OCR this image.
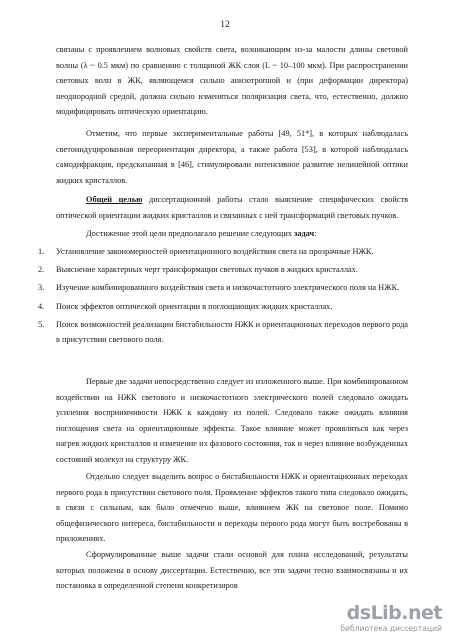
12

связаны с проявлением волновых свойств света, возникающим из-за малости длины световой волны (λ ~ 0.5 мкм) по сравнению с толщиной ЖК слоя (L ~ 10–100 мкм). При распространении световых волн в ЖК, являющемся сильно анизотропной и (при деформации директора) неоднородной средой, должна сильно изменяться поляризация света, что, естественно, должно модифицировать оптическую ориентацию.

Отметим, что первые экспериментальные работы [49, 51*], в которых наблюдалась светоиндуцированная переориентация директора, а также работа [53], в которой наблюдалась самодифракция, предсказанная в [46], стимулировали интенсивное развитие нелинейной оптики жидких кристаллов.

Общей целью диссертационной работы стало выяснение специфических свойств оптической ориентации жидких кристаллов и связанных с ней трансформаций световых пучков.

Достижение этой цели предполагало решение следующих задач:

1. Установление закономерностей ориентационного воздействия света на прозрачные НЖК.
2. Выяснение характерных черт трансформации световых пучков в жидких кристаллах.
3. Изучение комбинированного воздействия света и низкочастотного электрического поля на НЖК.
4. Поиск эффектов оптической ориентации в поглощающих жидких кристаллах.
5. Поиск возможностей реализации бистабильности НЖК и ориентационных переходов первого рода в присутствии светового поля.

Первые две задачи непосредственно следует из изложенного выше. При комбинированном воздействии на НЖК светового и низкочастотного электрического полей следовало ожидать усиления восприимчивости НЖК к каждому из полей. Следовало также ожидать влияния поглощения света на ориентационные эффекты. Такое влияние может проявляться как через нагрев жидких кристаллов и изменение их фазового состояния, так и через влияние возбужденных состояний молекул на структуру ЖК.

Отдельно следует выделить вопрос о бистабильности НЖК и ориентационных переходах первого рода в присутствии светового поля. Проявление эффектов такого типа следовало ожидать, в связи с сильным, как было отмечено выше, влиянием ЖК на световое поле. Помимо общефизического интереса, бистабильности и переходы первого рода могут быть востребованы в приложениях.

Сформулированные выше задачи стали основой для плана исследований, результаты которых положены в основу диссертации. Естественно, все эти задачи тесно взаимосвязаны и их постановка в определенной степени конкретизиров

dsLib.net
библиотека диссертаций
